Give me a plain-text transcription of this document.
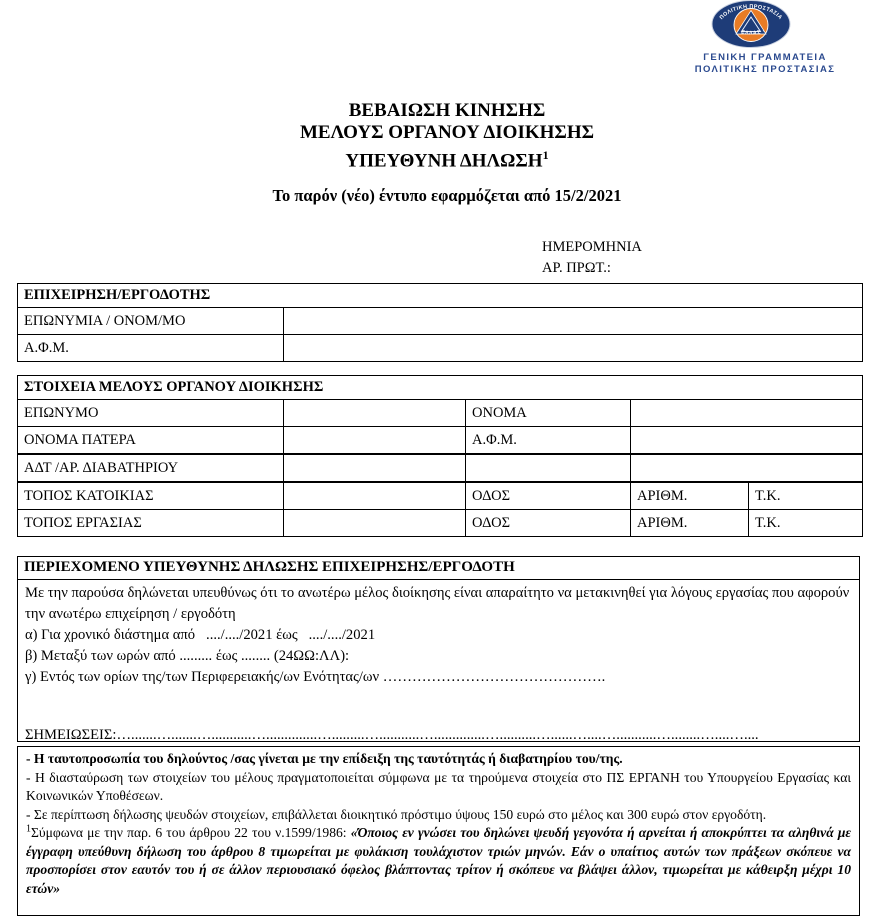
ΠΟΛΙΤΙΚΗ ΠΡΟΣΤΑΣΙΑ
· ΕΛΛΑΣ ·
ΓΕΝΙΚΗ ΓΡΑΜΜΑΤΕΙΑ
ΠΟΛΙΤΙΚΗΣ ΠΡΟΣΤΑΣΙΑΣ
ΒΕΒΑΙΩΣΗ ΚΙΝΗΣΗΣ
ΜΕΛΟΥΣ ΟΡΓΑΝΟΥ ΔΙΟΙΚΗΣΗΣ
ΥΠΕΥΘΥΝΗ ΔΗΛΩΣΗ$^1$
Το παρόν (νέο) έντυπο εφαρμόζεται από 15/2/2021
ΗΜΕΡΟΜΗΝΙΑ
ΑΡ. ΠΡΩΤ.:
ΕΠΙΧΕΙΡΗΣΗ/ΕΡΓΟΔΟΤΗΣ	
ΕΠΩΝΥΜΙΑ / ΟΝΟΜ/ΜΟ	
Α.Φ.Μ.	
ΣΤΟΙΧΕΙΑ ΜΕΛΟΥΣ ΟΡΓΑΝΟΥ ΔΙΟΙΚΗΣΗΣ				
ΕΠΩΝΥΜΟ		ΟΝΟΜΑ		
ΟΝΟΜΑ ΠΑΤΕΡΑ		Α.Φ.Μ.		
ΑΔΤ /ΑΡ. ΔΙΑΒΑΤΗΡΙΟΥ				
ΤΟΠΟΣ ΚΑΤΟΙΚΙΑΣ		ΟΔΟΣ	ΑΡΙΘΜ.	Τ.Κ.
ΤΟΠΟΣ ΕΡΓΑΣΙΑΣ		ΟΔΟΣ	ΑΡΙΘΜ.	Τ.Κ.
ΠΕΡΙΕΧΟΜΕΝΟ ΥΠΕΥΘΥΝΗΣ ΔΗΛΩΣΗΣ ΕΠΙΧΕΙΡΗΣΗΣ/ΕΡΓΟΔΟΤΗ
Με την παρούσα δηλώνεται υπευθύνως ότι το ανωτέρω μέλος διοίκησης είναι απαραίτητο να μετακινηθεί για λόγους εργασίας που αφορούν την ανωτέρω επιχείρηση / εργοδότη
α) Για χρονικό διάστημα από   ..../..../2021 έως   ..../..../2021
β) Μεταξύ των ωρών από ......... έως ........ (24ΩΩ:ΛΛ):
γ) Εντός των ορίων της/των Περιφερειακής/ων Ενότητας/ων ……………………………………….
ΣΗΜΕΙΩΣΕΙΣ:….......….......…...........…..............….........…...........…..............…..........…......…....…...........…........…....…....

- Η ταυτοπροσωπία του δηλούντος /σας γίνεται με την επίδειξη της ταυτότητάς ή διαβατηρίου του/της.

- Η διασταύρωση των στοιχείων του μέλους πραγματοποιείται σύμφωνα με τα τηρούμενα στοιχεία στο ΠΣ ΕΡΓΑΝΗ του Υπουργείου Εργασίας και Κοινωνικών Υποθέσεων.

- Σε περίπτωση δήλωσης ψευδών στοιχείων, επιβάλλεται διοικητικό πρόστιμο ύψους 150 ευρώ στο μέλος και 300 ευρώ στον εργοδότη.

$^1$Σύμφωνα με την παρ. 6 του άρθρου 22 του ν.1599/1986: «Όποιος εν γνώσει του δηλώνει ψευδή γεγονότα ή αρνείται ή αποκρύπτει τα αληθινά με έγγραφη υπεύθυνη δήλωση του άρθρου 8 τιμωρείται με φυλάκιση τουλάχιστον τριών μηνών. Εάν ο υπαίτιος αυτών των πράξεων σκόπευε να προσπορίσει στον εαυτόν του ή σε άλλον περιουσιακό όφελος βλάπτοντας τρίτον ή σκόπευε να βλάψει άλλον, τιμωρείται με κάθειρξη μέχρι 10 ετών»
